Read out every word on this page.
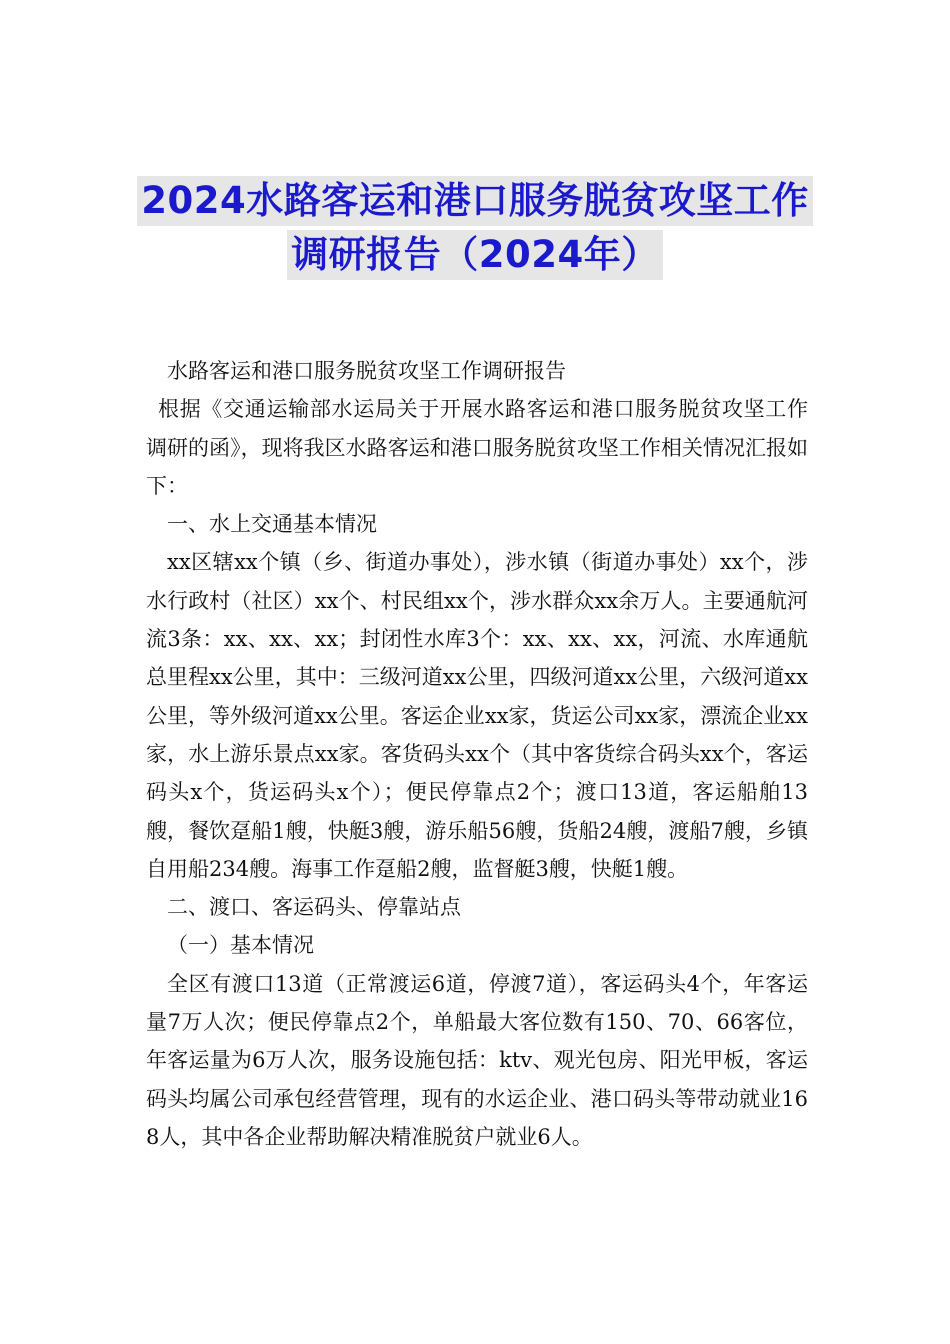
2024水路客运和港口服务脱贫攻坚工作
调研报告（2024年）

水路客运和港口服务脱贫攻坚工作调研报告

根据《交通运输部水运局关于开展水路客运和港口服务脱贫攻坚工作调研的函》，现将我区水路客运和港口服务脱贫攻坚工作相关情况汇报如下：

一、水上交通基本情况

xx区辖xx个镇（乡、街道办事处），涉水镇（街道办事处）xx个，涉水行政村（社区）xx个、村民组xx个，涉水群众xx余万人。主要通航河流3条：xx、xx、xx；封闭性水库3个：xx、xx、xx，河流、水库通航总里程xx公里，其中：三级河道xx公里，四级河道xx公里，六级河道xx公里，等外级河道xx公里。客运企业xx家，货运公司xx家，漂流企业xx家，水上游乐景点xx家。客货码头xx个（其中客货综合码头xx个，客运码头x个，货运码头x个）；便民停靠点2个；渡口13道，客运船舶13艘，餐饮趸船1艘，快艇3艘，游乐船56艘，货船24艘，渡船7艘，乡镇自用船234艘。海事工作趸船2艘，监督艇3艘，快艇1艘。

二、渡口、客运码头、停靠站点

（一）基本情况

全区有渡口13道（正常渡运6道，停渡7道），客运码头4个，年客运量7万人次；便民停靠点2个，单船最大客位数有150、70、66客位，年客运量为6万人次，服务设施包括：ktv、观光包房、阳光甲板，客运码头均属公司承包经营管理，现有的水运企业、港口码头等带动就业168人，其中各企业帮助解决精准脱贫户就业6人。
